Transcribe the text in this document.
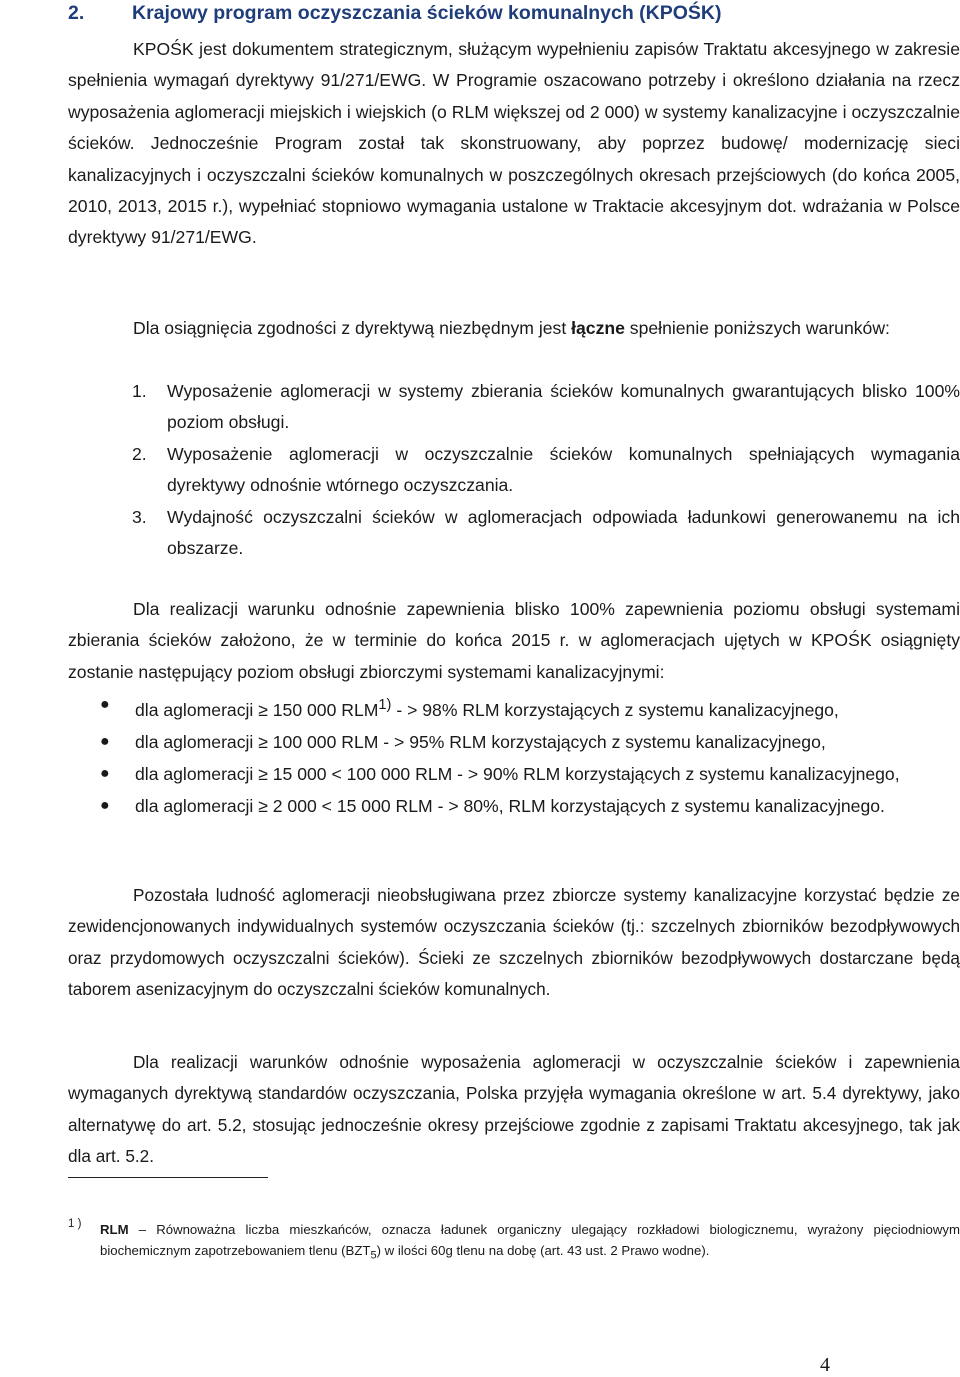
2. Krajowy program oczyszczania ścieków komunalnych (KPOŚK)

KPOŚK jest dokumentem strategicznym, służącym wypełnieniu zapisów Traktatu akcesyjnego w zakresie spełnienia wymagań dyrektywy 91/271/EWG. W Programie oszacowano potrzeby i określono działania na rzecz wyposażenia aglomeracji miejskich i wiejskich (o RLM większej od 2 000) w systemy kanalizacyjne i oczyszczalnie ścieków. Jednocześnie Program został tak skonstruowany, aby poprzez budowę/ modernizację sieci kanalizacyjnych i oczyszczalni ścieków komunalnych w poszczególnych okresach przejściowych (do końca 2005, 2010, 2013, 2015 r.), wypełniać stopniowo wymagania ustalone w Traktacie akcesyjnym dot. wdrażania w Polsce dyrektywy 91/271/EWG.

Dla osiągnięcia zgodności z dyrektywą niezbędnym jest łączne spełnienie poniższych warunków:

1.	Wyposażenie aglomeracji w systemy zbierania ścieków komunalnych gwarantujących blisko 100% poziom obsługi.
2.	Wyposażenie aglomeracji w oczyszczalnie ścieków komunalnych spełniających wymagania dyrektywy odnośnie wtórnego oczyszczania.
3.	Wydajność oczyszczalni ścieków w aglomeracjach odpowiada ładunkowi generowanemu na ich obszarze.

Dla realizacji warunku odnośnie zapewnienia blisko 100% zapewnienia poziomu obsługi systemami zbierania ścieków założono, że w terminie do końca 2015 r. w aglomeracjach ujętych w KPOŚK osiągnięty zostanie następujący poziom obsługi zbiorczymi systemami kanalizacyjnymi:

●	dla aglomeracji ≥ 150 000 RLM$^{1)}$ - > 98% RLM korzystających z systemu kanalizacyjnego,
●	dla aglomeracji ≥ 100 000 RLM - > 95% RLM korzystających z systemu kanalizacyjnego,
●	dla aglomeracji ≥ 15 000 < 100 000 RLM - > 90% RLM korzystających z systemu kanalizacyjnego,
●	dla aglomeracji ≥ 2 000 < 15 000 RLM - > 80%, RLM korzystających z systemu kanalizacyjnego.

Pozostała ludność aglomeracji nieobsługiwana przez zbiorcze systemy kanalizacyjne korzystać będzie ze zewidencjonowanych indywidualnych systemów oczyszczania ścieków (tj.: szczelnych zbiorników bezodpływowych oraz przydomowych oczyszczalni ścieków). Ścieki ze szczelnych zbiorników bezodpływowych dostarczane będą taborem asenizacyjnym do oczyszczalni ścieków komunalnych.

Dla realizacji warunków odnośnie wyposażenia aglomeracji w oczyszczalnie ścieków i zapewnienia wymaganych dyrektywą standardów oczyszczania, Polska przyjęła wymagania określone w art. 5.4 dyrektywy, jako alternatywę do art. 5.2, stosując jednocześnie okresy przejściowe zgodnie z zapisami Traktatu akcesyjnego, tak jak dla art. 5.2.

1 ) RLM – Równoważna liczba mieszkańców, oznacza ładunek organiczny ulegający rozkładowi biologicznemu, wyrażony pięciodniowym biochemicznym zapotrzebowaniem tlenu $(BZT_5)$ w ilości 60g tlenu na dobę (art. 43 ust. 2 Prawo wodne).

4
